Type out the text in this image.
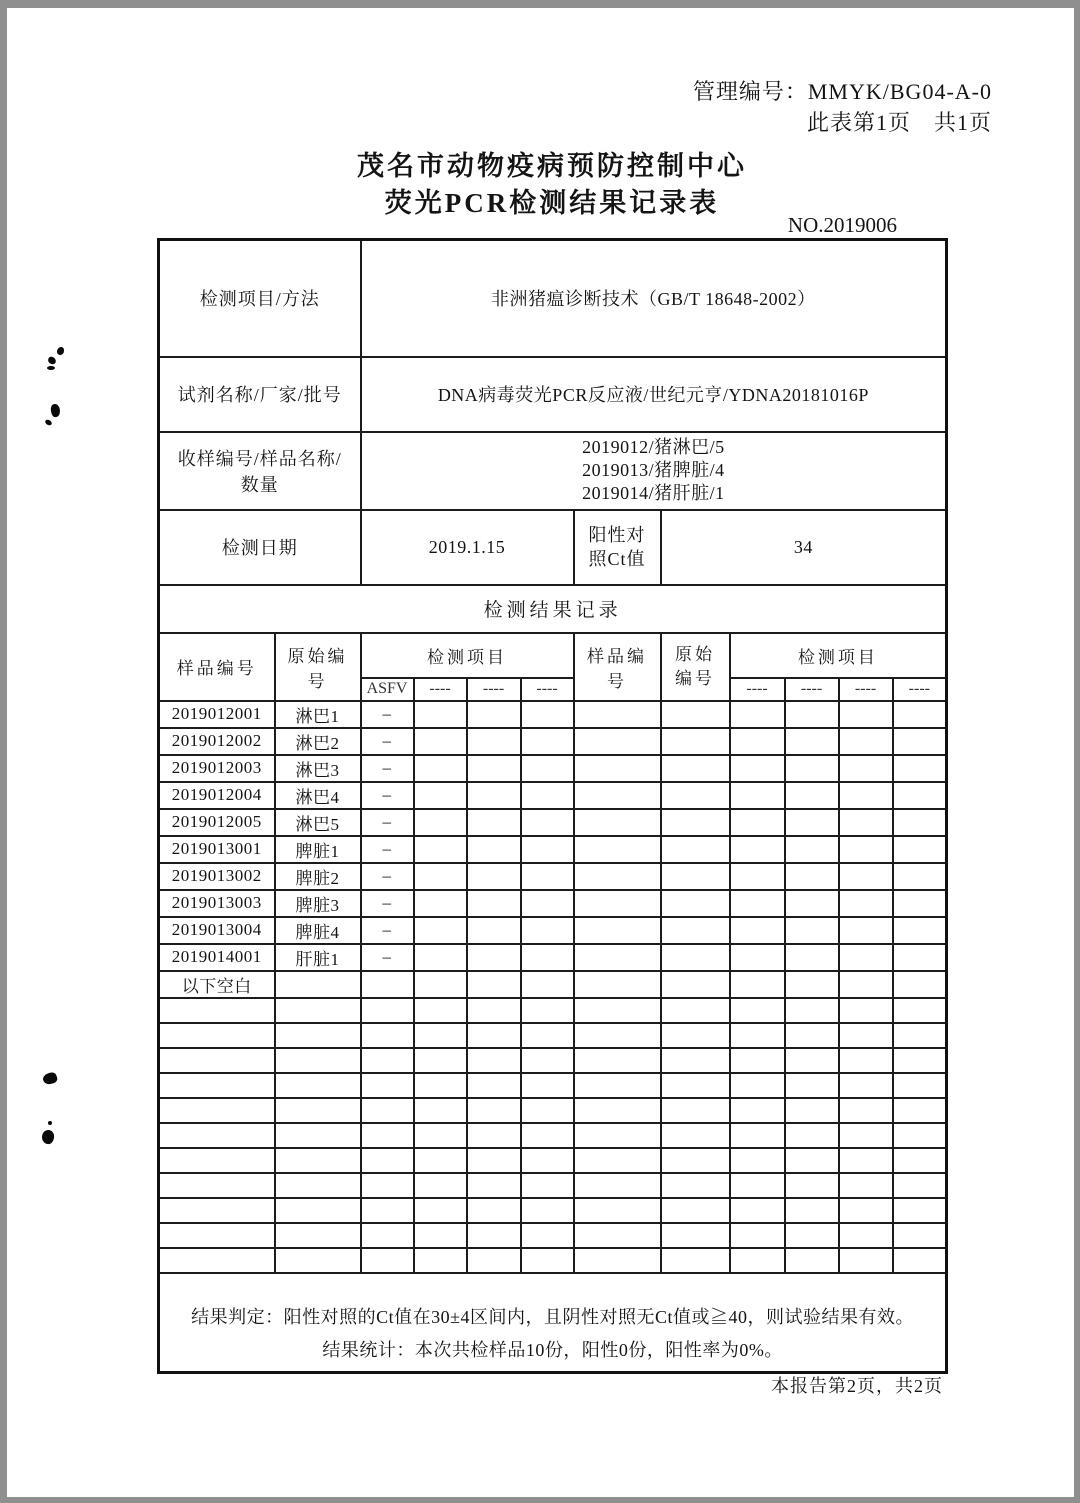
管理编号：MMYK/BG04-A-0
此表第1页　共1页
茂名市动物疫病预防控制中心
荧光PCR检测结果记录表
NO.2019006
检测项目/方法		非洲猪瘟诊断技术（GB/T 18648-2002）									
试剂名称/厂家/批号		DNA病毒荧光PCR反应液/世纪元亨/YDNA20181016P									
收样编号/样品名称/数量		2019012/猪淋巴/5
2019013/猪脾脏/4
2019014/猪肝脏/1									

检测日期		2019.1.15				阳性对照Ct值	34				
检测结果记录											
样品编号	原始编号	检测项目				样品编号	原始编号	检测项目			
		ASFV	----	----	----			----	----	----	----
2019012001	淋巴1	–									
2019012002	淋巴2	–									
2019012003	淋巴3	–									
2019012004	淋巴4	–									
2019012005	淋巴5	–									
2019013001	脾脏1	–									
2019013002	脾脏2	–									
2019013003	脾脏3	–									
2019013004	脾脏4	–									
2019014001	肝脏1	–									
以下空白											

结果判定：阳性对照的Ct值在30±4区间内，且阴性对照无Ct值或≧40，则试验结果有效。
结果统计：本次共检样品10份，阳性0份，阳性率为0%。											
本报告第2页，共2页
